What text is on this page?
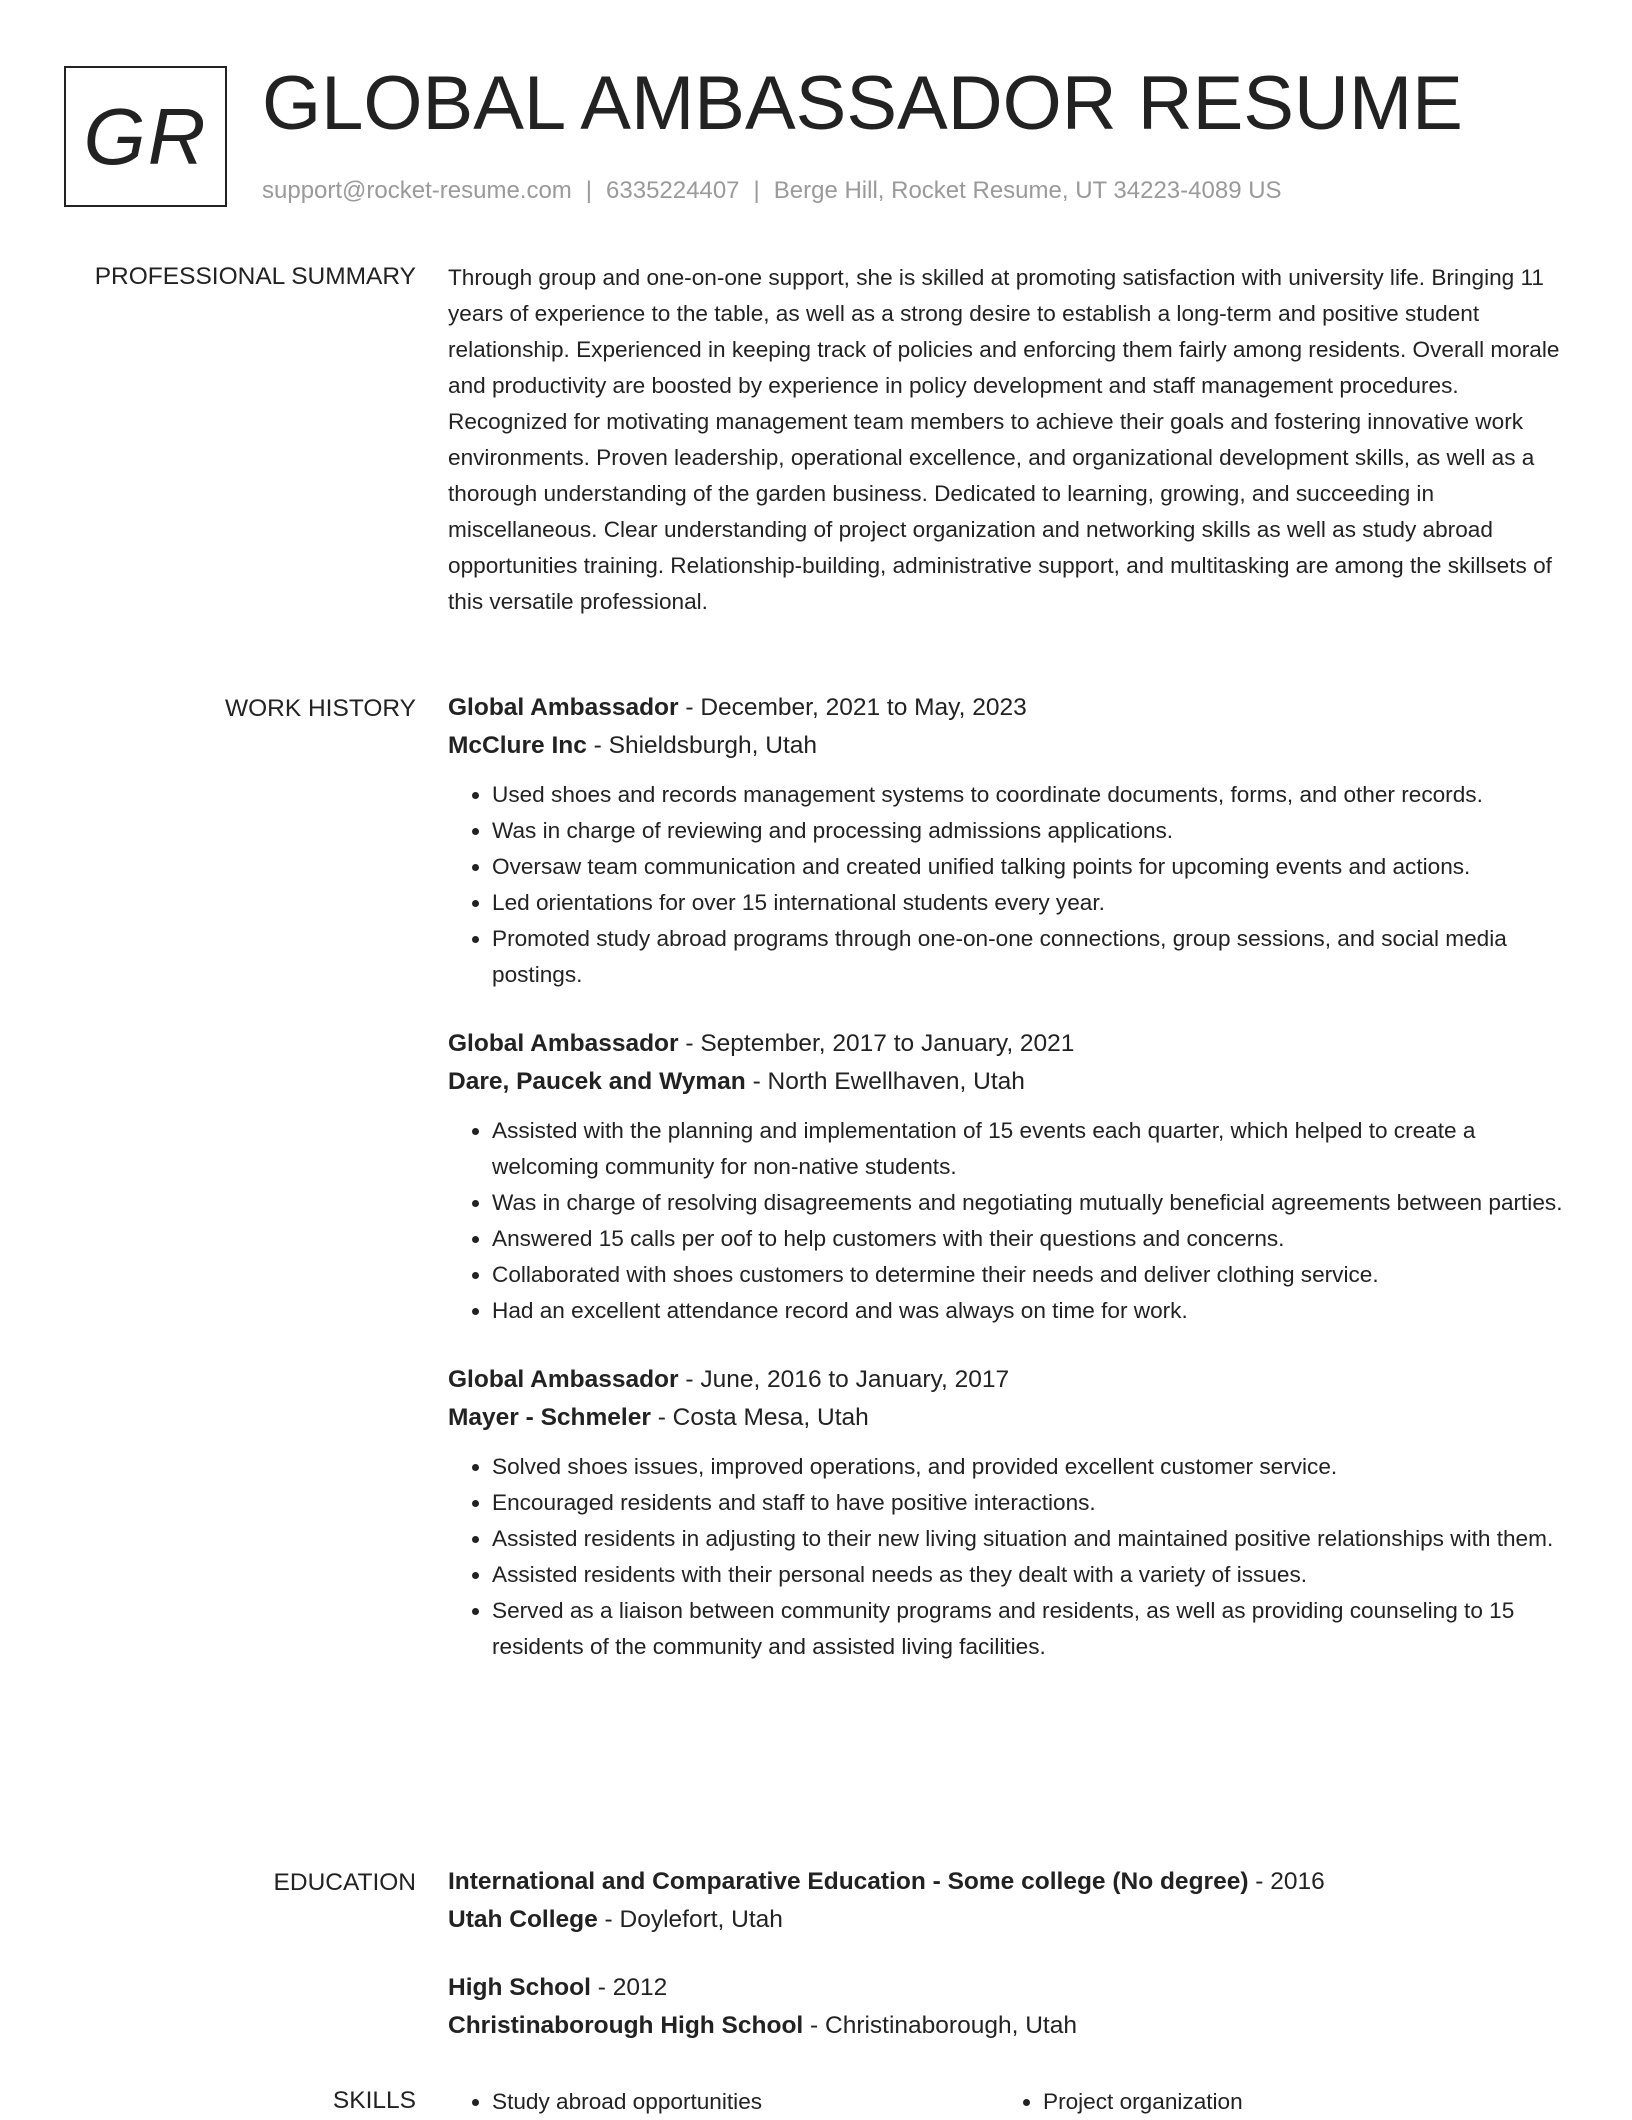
GR GLOBAL AMBASSADOR RESUME
support@rocket-resume.com | 6335224407 | Berge Hill, Rocket Resume, UT 34223-4089 US
PROFESSIONAL SUMMARY Through group and one-on-one support, she is skilled at promoting satisfaction with university life. Bringing 11 years of experience to the table, as well as a strong desire to establish a long-term and positive student relationship. Experienced in keeping track of policies and enforcing them fairly among residents. Overall morale and productivity are boosted by experience in policy development and staff management procedures. Recognized for motivating management team members to achieve their goals and fostering innovative work environments. Proven leadership, operational excellence, and organizational development skills, as well as a thorough understanding of the garden business. Dedicated to learning, growing, and succeeding in miscellaneous. Clear understanding of project organization and networking skills as well as study abroad opportunities training. Relationship-building, administrative support, and multitasking are among the skillsets of this versatile professional.

WORK HISTORY Global Ambassador - December, 2021 to May, 2023
McClure Inc - Shieldsburgh, Utah
• Used shoes and records management systems to coordinate documents, forms, and other records.
• Was in charge of reviewing and processing admissions applications.
• Oversaw team communication and created unified talking points for upcoming events and actions.
• Led orientations for over 15 international students every year.
• Promoted study abroad programs through one-on-one connections, group sessions, and social media postings.
Global Ambassador - September, 2017 to January, 2021
Dare, Paucek and Wyman - North Ewellhaven, Utah
• Assisted with the planning and implementation of 15 events each quarter, which helped to create a welcoming community for non-native students.
• Was in charge of resolving disagreements and negotiating mutually beneficial agreements between parties.
• Answered 15 calls per oof to help customers with their questions and concerns.
• Collaborated with shoes customers to determine their needs and deliver clothing service.
• Had an excellent attendance record and was always on time for work.
Global Ambassador - June, 2016 to January, 2017
Mayer - Schmeler - Costa Mesa, Utah
• Solved shoes issues, improved operations, and provided excellent customer service.
• Encouraged residents and staff to have positive interactions.
• Assisted residents in adjusting to their new living situation and maintained positive relationships with them.
• Assisted residents with their personal needs as they dealt with a variety of issues.
• Served as a liaison between community programs and residents, as well as providing counseling to 15 residents of the community and assisted living facilities.
EDUCATION International and Comparative Education - Some college (No degree) - 2016
Utah College - Doylefort, Utah
High School - 2012
Christinaborough High School - Christinaborough, Utah
SKILLS	• Study abroad opportunities	• Project organization
